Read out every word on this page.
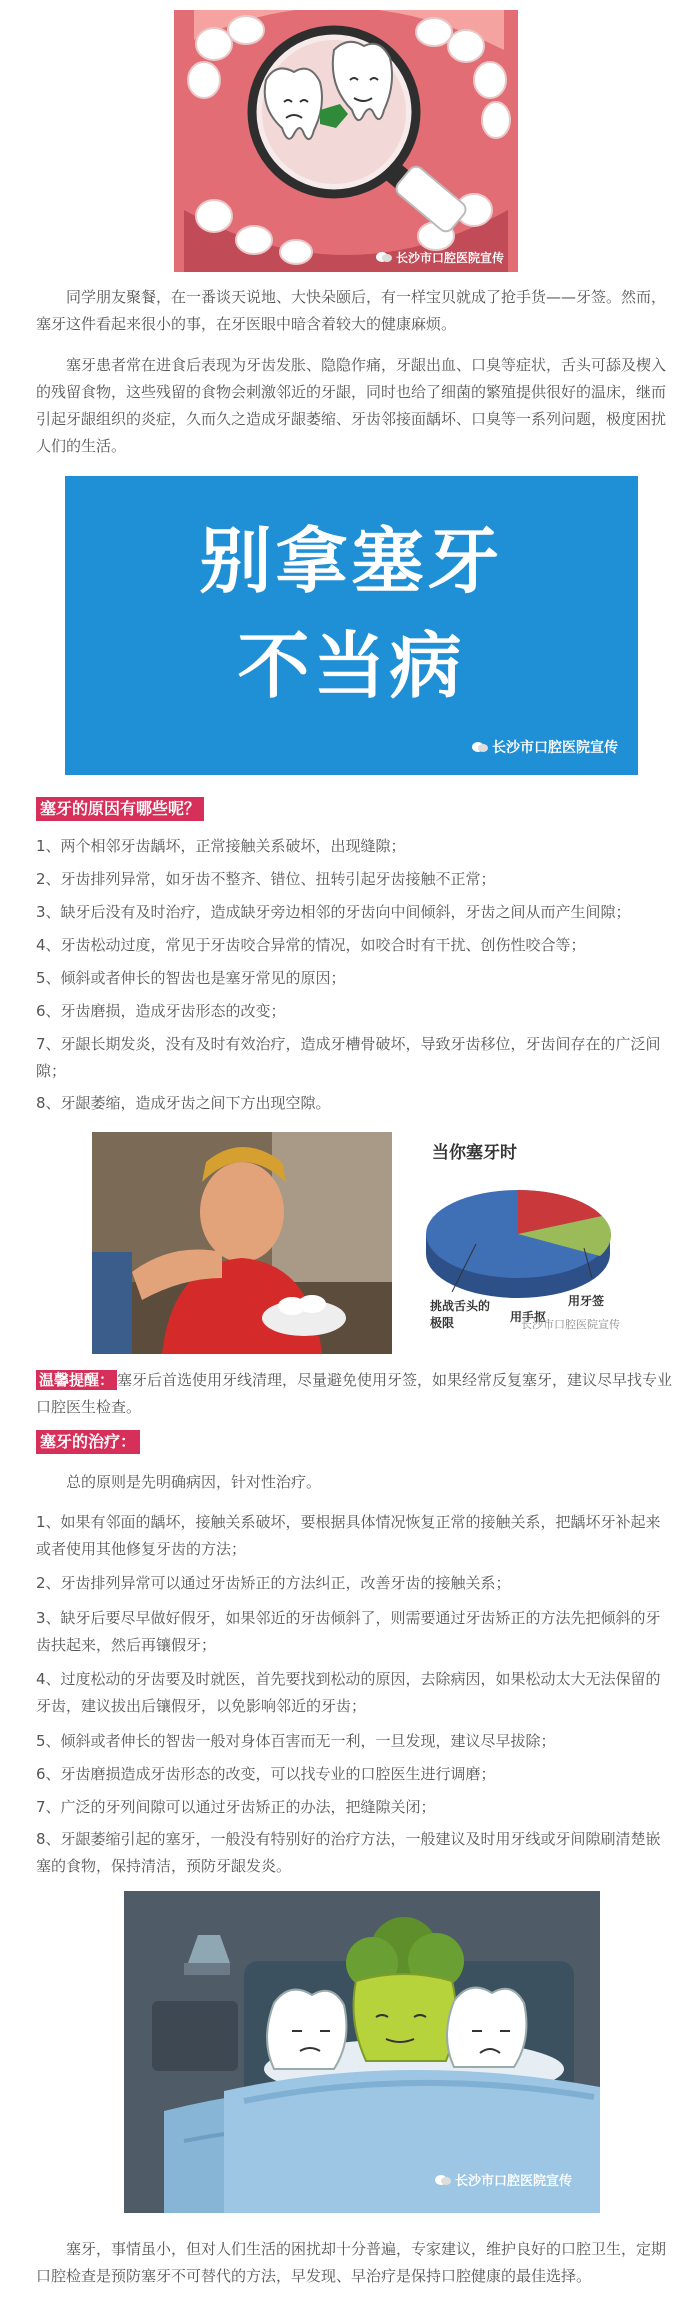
长沙市口腔医院宣传

同学朋友聚餐，在一番谈天说地、大快朵颐后，有一样宝贝就成了抢手货——牙签。然而，塞牙这件看起来很小的事，在牙医眼中暗含着较大的健康麻烦。

塞牙患者常在进食后表现为牙齿发胀、隐隐作痛，牙龈出血、口臭等症状，舌头可舔及楔入的残留食物，这些残留的食物会刺激邻近的牙龈，同时也给了细菌的繁殖提供很好的温床，继而引起牙龈组织的炎症，久而久之造成牙龈萎缩、牙齿邻接面龋坏、口臭等一系列问题，极度困扰人们的生活。

别拿塞牙
不当病
长沙市口腔医院宣传
塞牙的原因有哪些呢？

1、两个相邻牙齿龋坏，正常接触关系破坏，出现缝隙；

2、牙齿排列异常，如牙齿不整齐、错位、扭转引起牙齿接触不正常；

3、缺牙后没有及时治疗，造成缺牙旁边相邻的牙齿向中间倾斜，牙齿之间从而产生间隙；

4、牙齿松动过度，常见于牙齿咬合异常的情况，如咬合时有干扰、创伤性咬合等；

5、倾斜或者伸长的智齿也是塞牙常见的原因；

6、牙齿磨损，造成牙齿形态的改变；

7、牙龈长期发炎，没有及时有效治疗，造成牙槽骨破坏，导致牙齿移位，牙齿间存在的广泛间隙；

8、牙龈萎缩，造成牙齿之间下方出现空隙。

当你塞牙时
挑战舌头的极限	用手抠
用牙签
长沙市口腔医院宣传

温馨提醒： 塞牙后首选使用牙线清理，尽量避免使用牙签，如果经常反复塞牙，建议尽早找专业口腔医生检查。

塞牙的治疗：

总的原则是先明确病因，针对性治疗。

1、如果有邻面的龋坏，接触关系破坏，要根据具体情况恢复正常的接触关系，把龋坏牙补起来或者使用其他修复牙齿的方法；

2、牙齿排列异常可以通过牙齿矫正的方法纠正，改善牙齿的接触关系；

3、缺牙后要尽早做好假牙，如果邻近的牙齿倾斜了，则需要通过牙齿矫正的方法先把倾斜的牙齿扶起来，然后再镶假牙；

4、过度松动的牙齿要及时就医，首先要找到松动的原因，去除病因，如果松动太大无法保留的牙齿，建议拔出后镶假牙，以免影响邻近的牙齿；

5、倾斜或者伸长的智齿一般对身体百害而无一利，一旦发现，建议尽早拔除；

6、牙齿磨损造成牙齿形态的改变，可以找专业的口腔医生进行调磨；

7、广泛的牙列间隙可以通过牙齿矫正的办法，把缝隙关闭；

8、牙龈萎缩引起的塞牙，一般没有特别好的治疗方法，一般建议及时用牙线或牙间隙刷清楚嵌塞的食物，保持清洁，预防牙龈发炎。

长沙市口腔医院宣传

塞牙，事情虽小，但对人们生活的困扰却十分普遍，专家建议，维护良好的口腔卫生，定期口腔检查是预防塞牙不可替代的方法，早发现、早治疗是保持口腔健康的最佳选择。
